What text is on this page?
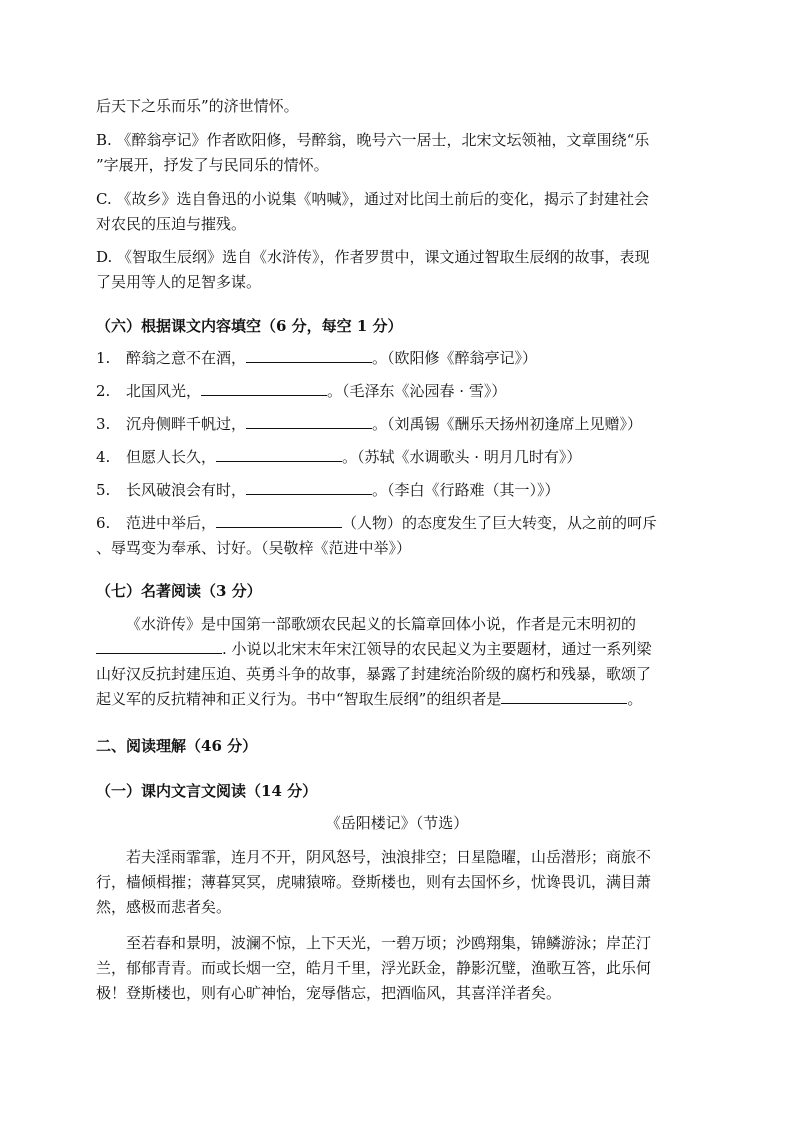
后天下之乐而乐”的济世情怀。
B. 《醉翁亭记》作者欧阳修，号醉翁，晚号六一居士，北宋文坛领袖，文章围绕“乐
”字展开，抒发了与民同乐的情怀。
C. 《故乡》选自鲁迅的小说集《呐喊》，通过对比闰土前后的变化，揭示了封建社会
对农民的压迫与摧残。
D. 《智取生辰纲》选自《水浒传》，作者罗贯中，课文通过智取生辰纲的故事，表现
了吴用等人的足智多谋。
（六）根据课文内容填空（6 分，每空 1 分）
1. 醉翁之意不在酒，	。（欧阳修《醉翁亭记》）
2. 北国风光，	。（毛泽东《沁园春 · 雪》）
3. 沉舟侧畔千帆过，	。（刘禹锡《酬乐天扬州初逢席上见赠》）
4. 但愿人长久，	。（苏轼《水调歌头 · 明月几时有》）
5. 长风破浪会有时，	。（李白《行路难（其一）》）
6. 范进中举后，	（人物）的态度发生了巨大转变，从之前的呵斥
、辱骂变为奉承、讨好。（吴敬梓《范进中举》）
（七）名著阅读（3 分）
《水浒传》是中国第一部歌颂农民起义的长篇章回体小说，作者是元末明初的
. 小说以北宋末年宋江领导的农民起义为主要题材，通过一系列梁
山好汉反抗封建压迫、英勇斗争的故事，暴露了封建统治阶级的腐朽和残暴，歌颂了
起义军的反抗精神和正义行为。书中“智取生辰纲”的组织者是	。
二、阅读理解（46 分）
（一）课内文言文阅读（14 分）
《岳阳楼记》（节选）
若夫淫雨霏霏，连月不开，阴风怒号，浊浪排空；日星隐曜，山岳潜形；商旅不
行，樯倾楫摧；薄暮冥冥，虎啸猿啼。登斯楼也，则有去国怀乡，忧谗畏讥，满目萧
然，感极而悲者矣。
至若春和景明，波澜不惊，上下天光，一碧万顷；沙鸥翔集，锦鳞游泳；岸芷汀
兰，郁郁青青。而或长烟一空，皓月千里，浮光跃金，静影沉璧，渔歌互答，此乐何
极！登斯楼也，则有心旷神怡，宠辱偕忘，把酒临风，其喜洋洋者矣。
